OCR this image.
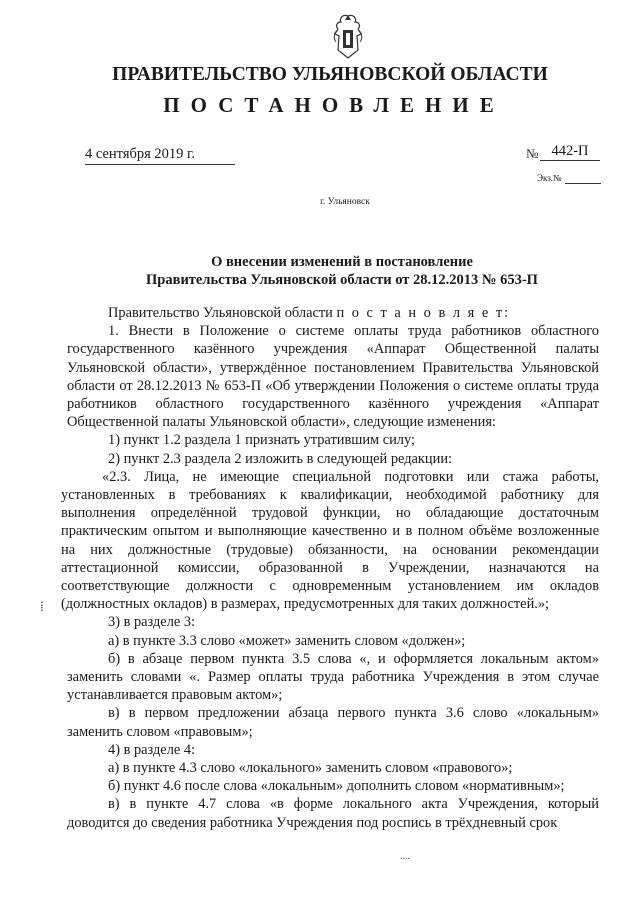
ПРАВИТЕЛЬСТВО УЛЬЯНОВСКОЙ ОБЛАСТИ
ПОСТАНОВЛЕНИЕ
4 сентября 2019 г.	№ 442-П
Экз.№
г. Ульяновск
О внесении изменений в постановление
Правительства Ульяновской области от 28.12.2013 № 653-П

Правительство Ульяновской области п о с т а н о в л я е т:

1. Внести в Положение о системе оплаты труда работников областного государственного казённого учреждения «Аппарат Общественной палаты Ульяновской области», утверждённое постановлением Правительства Ульяновской области от 28.12.2013 № 653-П «Об утверждении Положения о системе оплаты труда работников областного государственного казённого учреждения «Аппарат Общественной палаты Ульяновской области», следующие изменения:

1) пункт 1.2 раздела 1 признать утратившим силу;

2) пункт 2.3 раздела 2 изложить в следующей редакции:

«2.3. Лица, не имеющие специальной подготовки или стажа работы, установленных в требованиях к квалификации, необходимой работнику для выполнения определённой трудовой функции, но обладающие достаточным практическим опытом и выполняющие качественно и в полном объёме возложенные на них должностные (трудовые) обязанности, на основании рекомендации аттестационной комиссии, образованной в Учреждении, назначаются на соответствующие должности с одновременным установлением им окладов (должностных окладов) в размерах, предусмотренных для таких должностей.»;

3) в разделе 3:

а) в пункте 3.3 слово «может» заменить словом «должен»;

б) в абзаце первом пункта 3.5 слова «, и оформляется локальным актом» заменить словами «. Размер оплаты труда работника Учреждения в этом случае устанавливается правовым актом»;

в) в первом предложении абзаца первого пункта 3.6 слово «локальным» заменить словом «правовым»;

4) в разделе 4:

а) в пункте 4.3 слово «локального» заменить словом «правового»;

б) пункт 4.6 после слова «локальным» дополнить словом «нормативным»;

в) в пункте 4.7 слова «в форме локального акта Учреждения, который доводится до сведения работника Учреждения под роспись в трёхдневный срок

⁞
....
